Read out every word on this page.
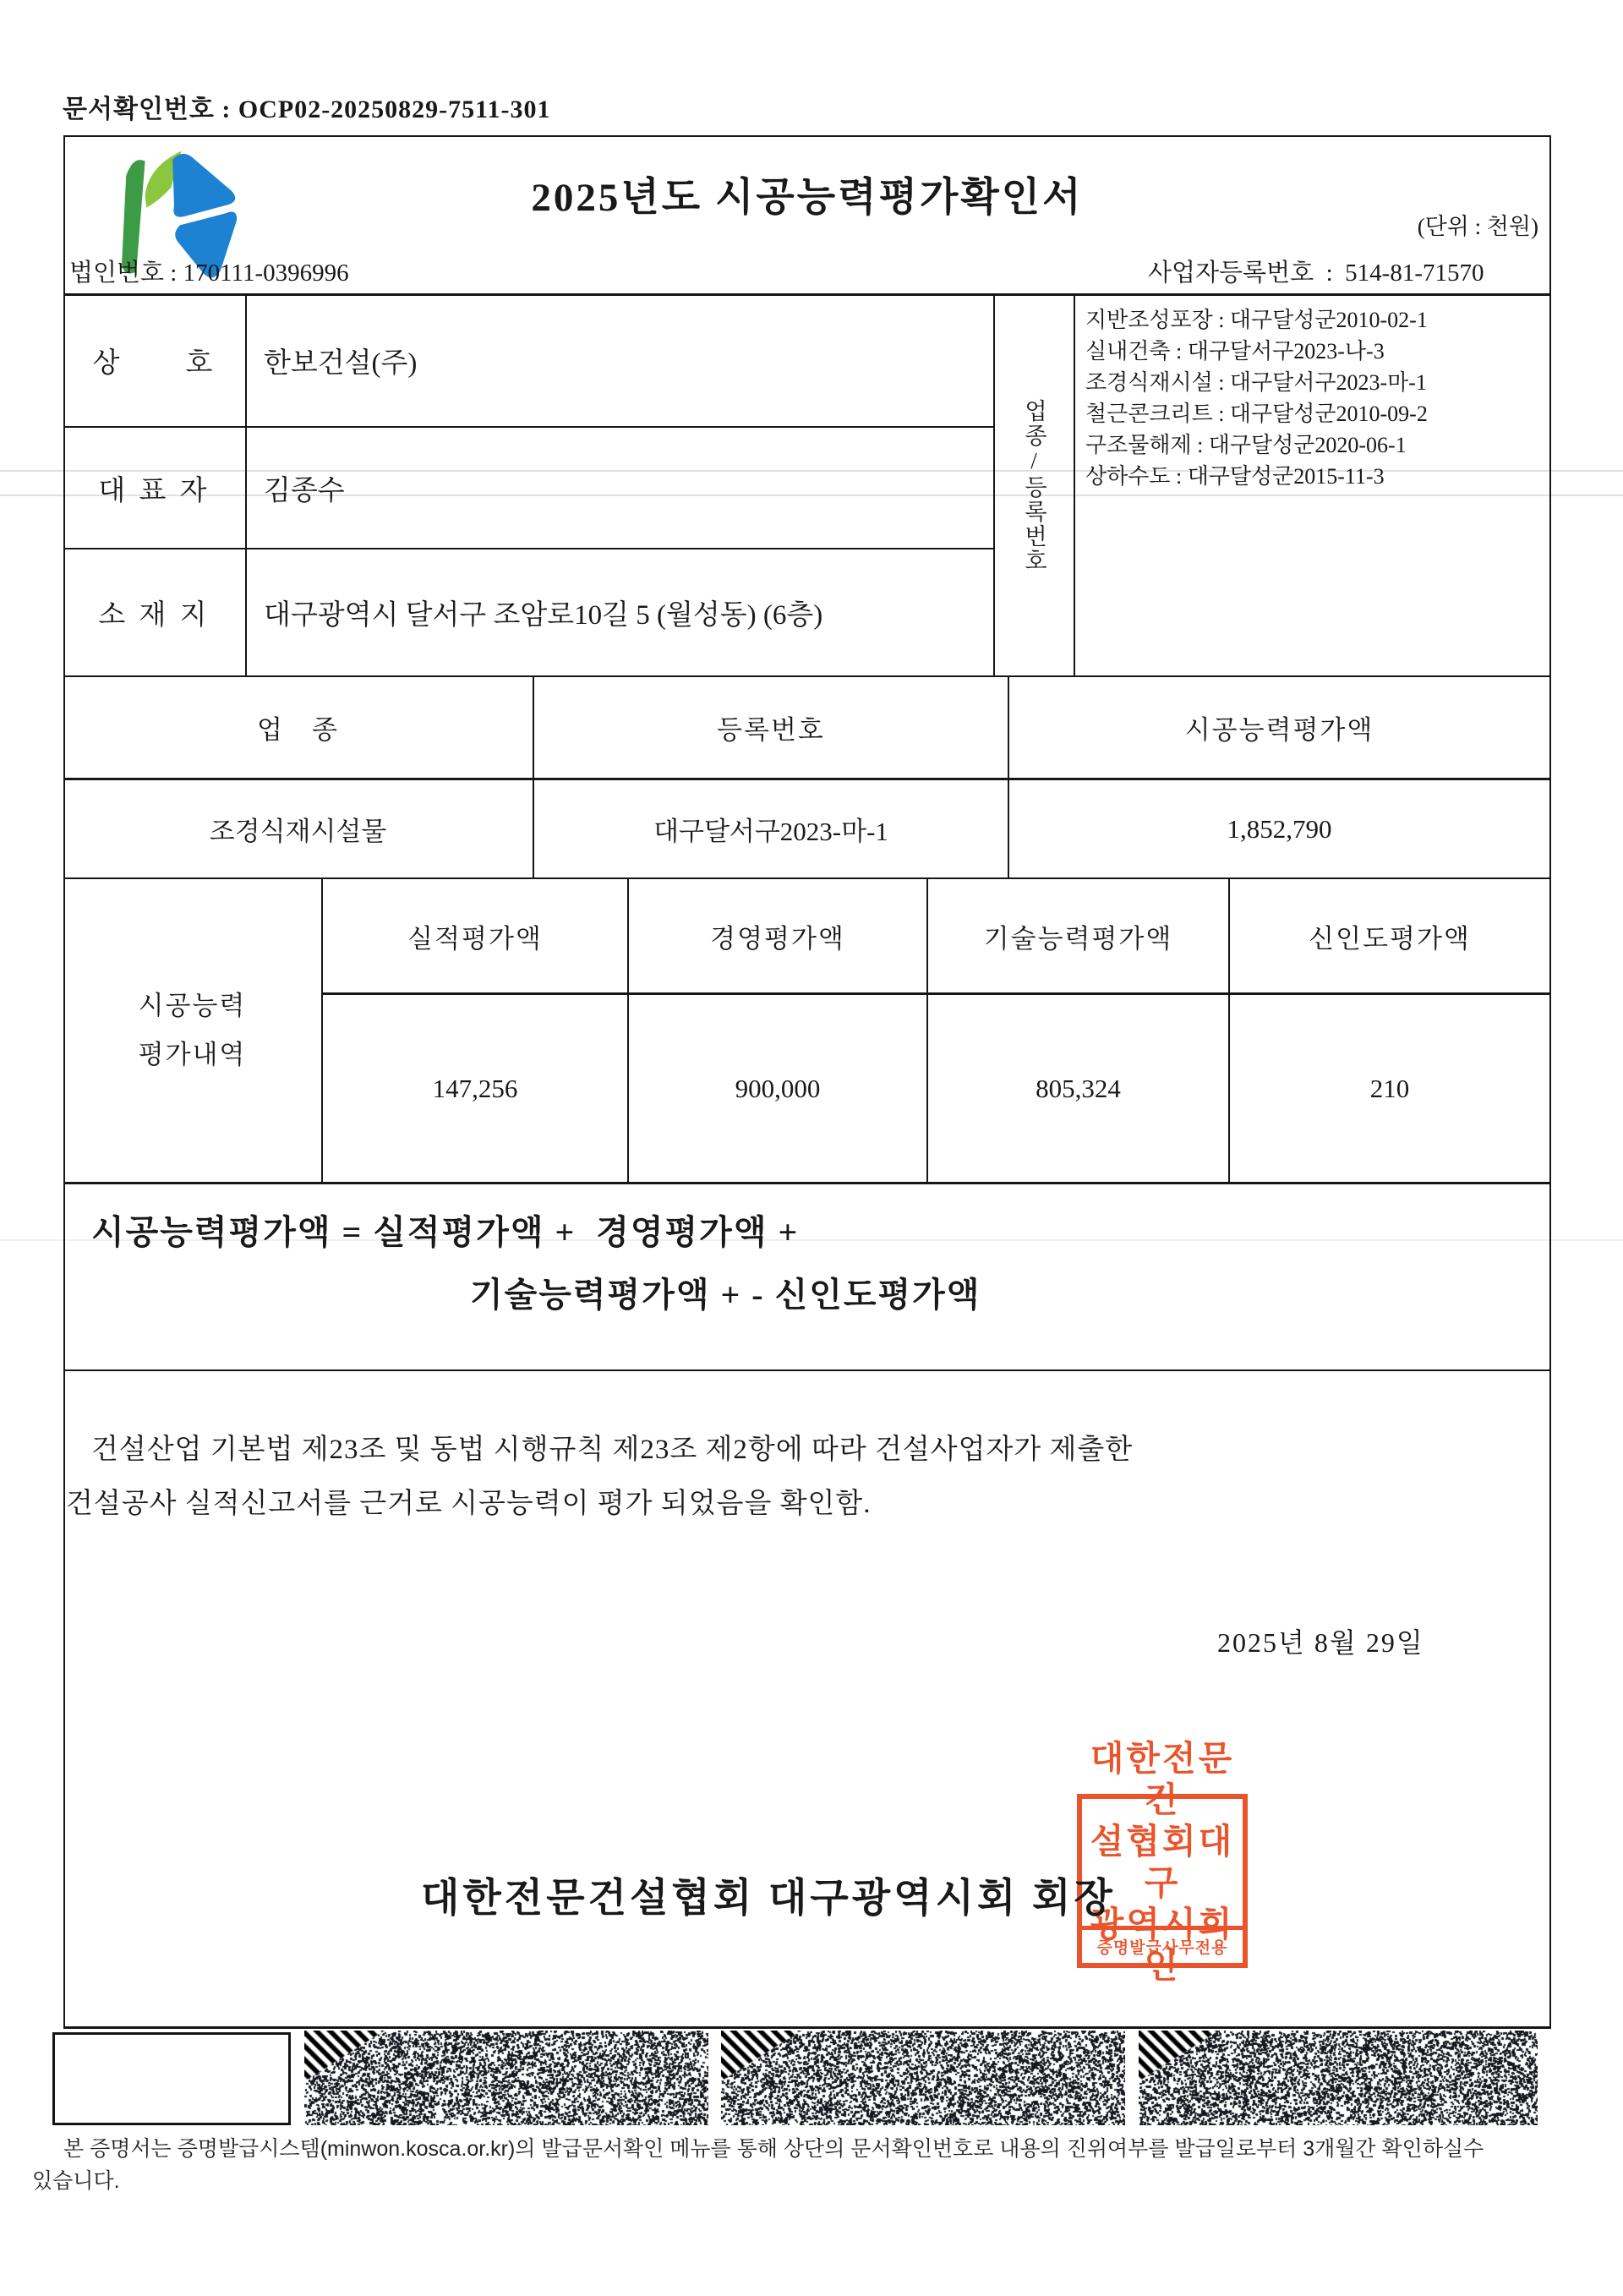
문서확인번호 : OCP02-20250829-7511-301
2025년도 시공능력평가확인서
(단위 : 천원)
법인번호 : 170111-0396996	사업자등록번호  :  514-81-71570
상　　호	한보건설(주)
대 표 자	김종수
소 재 지	대구광역시 달서구 조암로10길 5 (월성동) (6층)
업종/등록번호
지반조성포장 : 대구달성군2010-02-1
실내건축 : 대구달서구2023-나-3
조경식재시설 : 대구달서구2023-마-1
철근콘크리트 : 대구달성군2010-09-2
구조물해제 : 대구달성군2020-06-1
상하수도 : 대구달성군2015-11-3
업　종	등록번호	시공능력평가액
조경식재시설물	대구달서구2023-마-1	1,852,790
시공능력
평가내역
실적평가액	경영평가액	기술능력평가액	신인도평가액
147,256	900,000	805,324	210
시공능력평가액 = 실적평가액 +  경영평가액 +
기술능력평가액 + - 신인도평가액
건설산업 기본법 제23조 및 동법 시행규칙 제23조 제2항에 따라 건설사업자가 제출한
건설공사 실적신고서를 근거로 시공능력이 평가 되었음을 확인함.
2025년 8월 29일
대한전문건설협회 대구광역시회 회장
대한전문건
설협회대구
광역시회인
증명발급사무전용
본 증명서는 증명발급시스템(minwon.kosca.or.kr)의 발급문서확인 메뉴를 통해 상단의 문서확인번호로 내용의 진위여부를 발급일로부터 3개월간 확인하실수
있습니다.
